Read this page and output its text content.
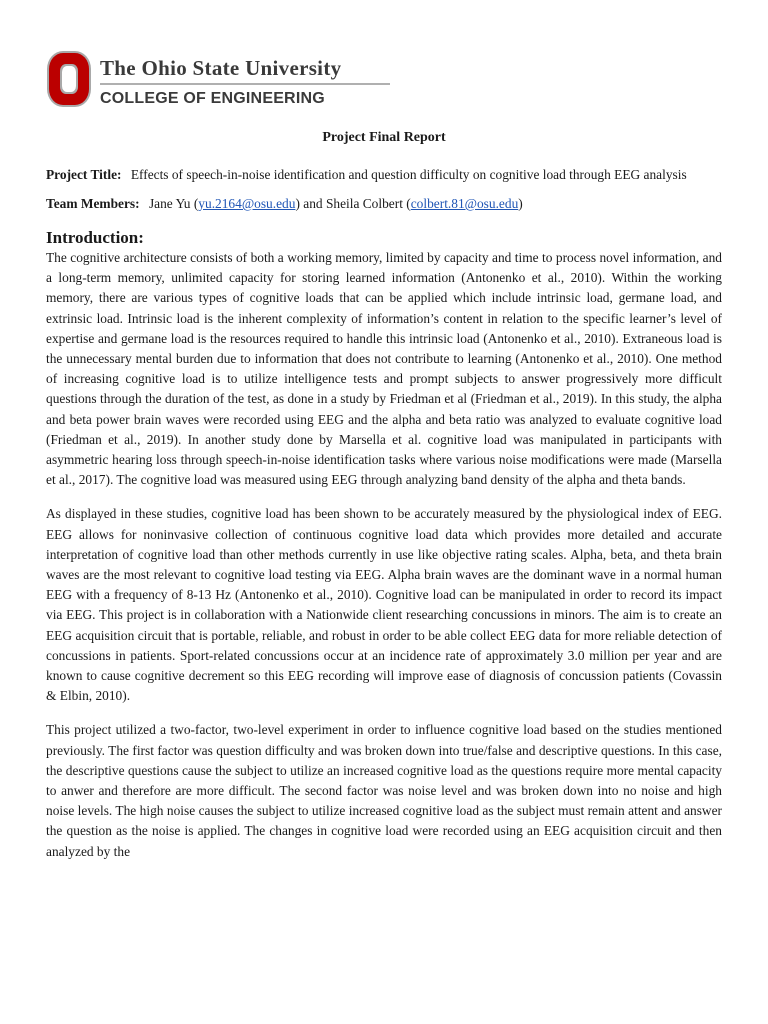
The Ohio State University
COLLEGE OF ENGINEERING
Project Final Report
Project Title: Effects of speech-in-noise identification and question difficulty on cognitive load through EEG analysis
Team Members: Jane Yu (yu.2164@osu.edu) and Sheila Colbert (colbert.81@osu.edu)
Introduction:

The cognitive architecture consists of both a working memory, limited by capacity and time to process novel information, and a long-term memory, unlimited capacity for storing learned information (Antonenko et al., 2010). Within the working memory, there are various types of cognitive loads that can be applied which include intrinsic load, germane load, and extrinsic load. Intrinsic load is the inherent complexity of information’s content in relation to the specific learner’s level of expertise and germane load is the resources required to handle this intrinsic load (Antonenko et al., 2010). Extraneous load is the unnecessary mental burden due to information that does not contribute to learning (Antonenko et al., 2010). One method of increasing cognitive load is to utilize intelligence tests and prompt subjects to answer progressively more difficult questions through the duration of the test, as done in a study by Friedman et al (Friedman et al., 2019). In this study, the alpha and beta power brain waves were recorded using EEG and the alpha and beta ratio was analyzed to evaluate cognitive load (Friedman et al., 2019). In another study done by Marsella et al. cognitive load was manipulated in participants with asymmetric hearing loss through speech-in-noise identification tasks where various noise modifications were made (Marsella et al., 2017). The cognitive load was measured using EEG through analyzing band density of the alpha and theta bands.

As displayed in these studies, cognitive load has been shown to be accurately measured by the physiological index of EEG. EEG allows for noninvasive collection of continuous cognitive load data which provides more detailed and accurate interpretation of cognitive load than other methods currently in use like objective rating scales. Alpha, beta, and theta brain waves are the most relevant to cognitive load testing via EEG. Alpha brain waves are the dominant wave in a normal human EEG with a frequency of 8-13 Hz (Antonenko et al., 2010). Cognitive load can be manipulated in order to record its impact via EEG. This project is in collaboration with a Nationwide client researching concussions in minors. The aim is to create an EEG acquisition circuit that is portable, reliable, and robust in order to be able collect EEG data for more reliable detection of concussions in patients. Sport-related concussions occur at an incidence rate of approximately 3.0 million per year and are known to cause cognitive decrement so this EEG recording will improve ease of diagnosis of concussion patients (Covassin & Elbin, 2010).

This project utilized a two-factor, two-level experiment in order to influence cognitive load based on the studies mentioned previously. The first factor was question difficulty and was broken down into true/false and descriptive questions. In this case, the descriptive questions cause the subject to utilize an increased cognitive load as the questions require more mental capacity to anwer and therefore are more difficult. The second factor was noise level and was broken down into no noise and high noise levels. The high noise causes the subject to utilize increased cognitive load as the subject must remain attent and answer the question as the noise is applied. The changes in cognitive load were recorded using an EEG acquisition circuit and then analyzed by the
